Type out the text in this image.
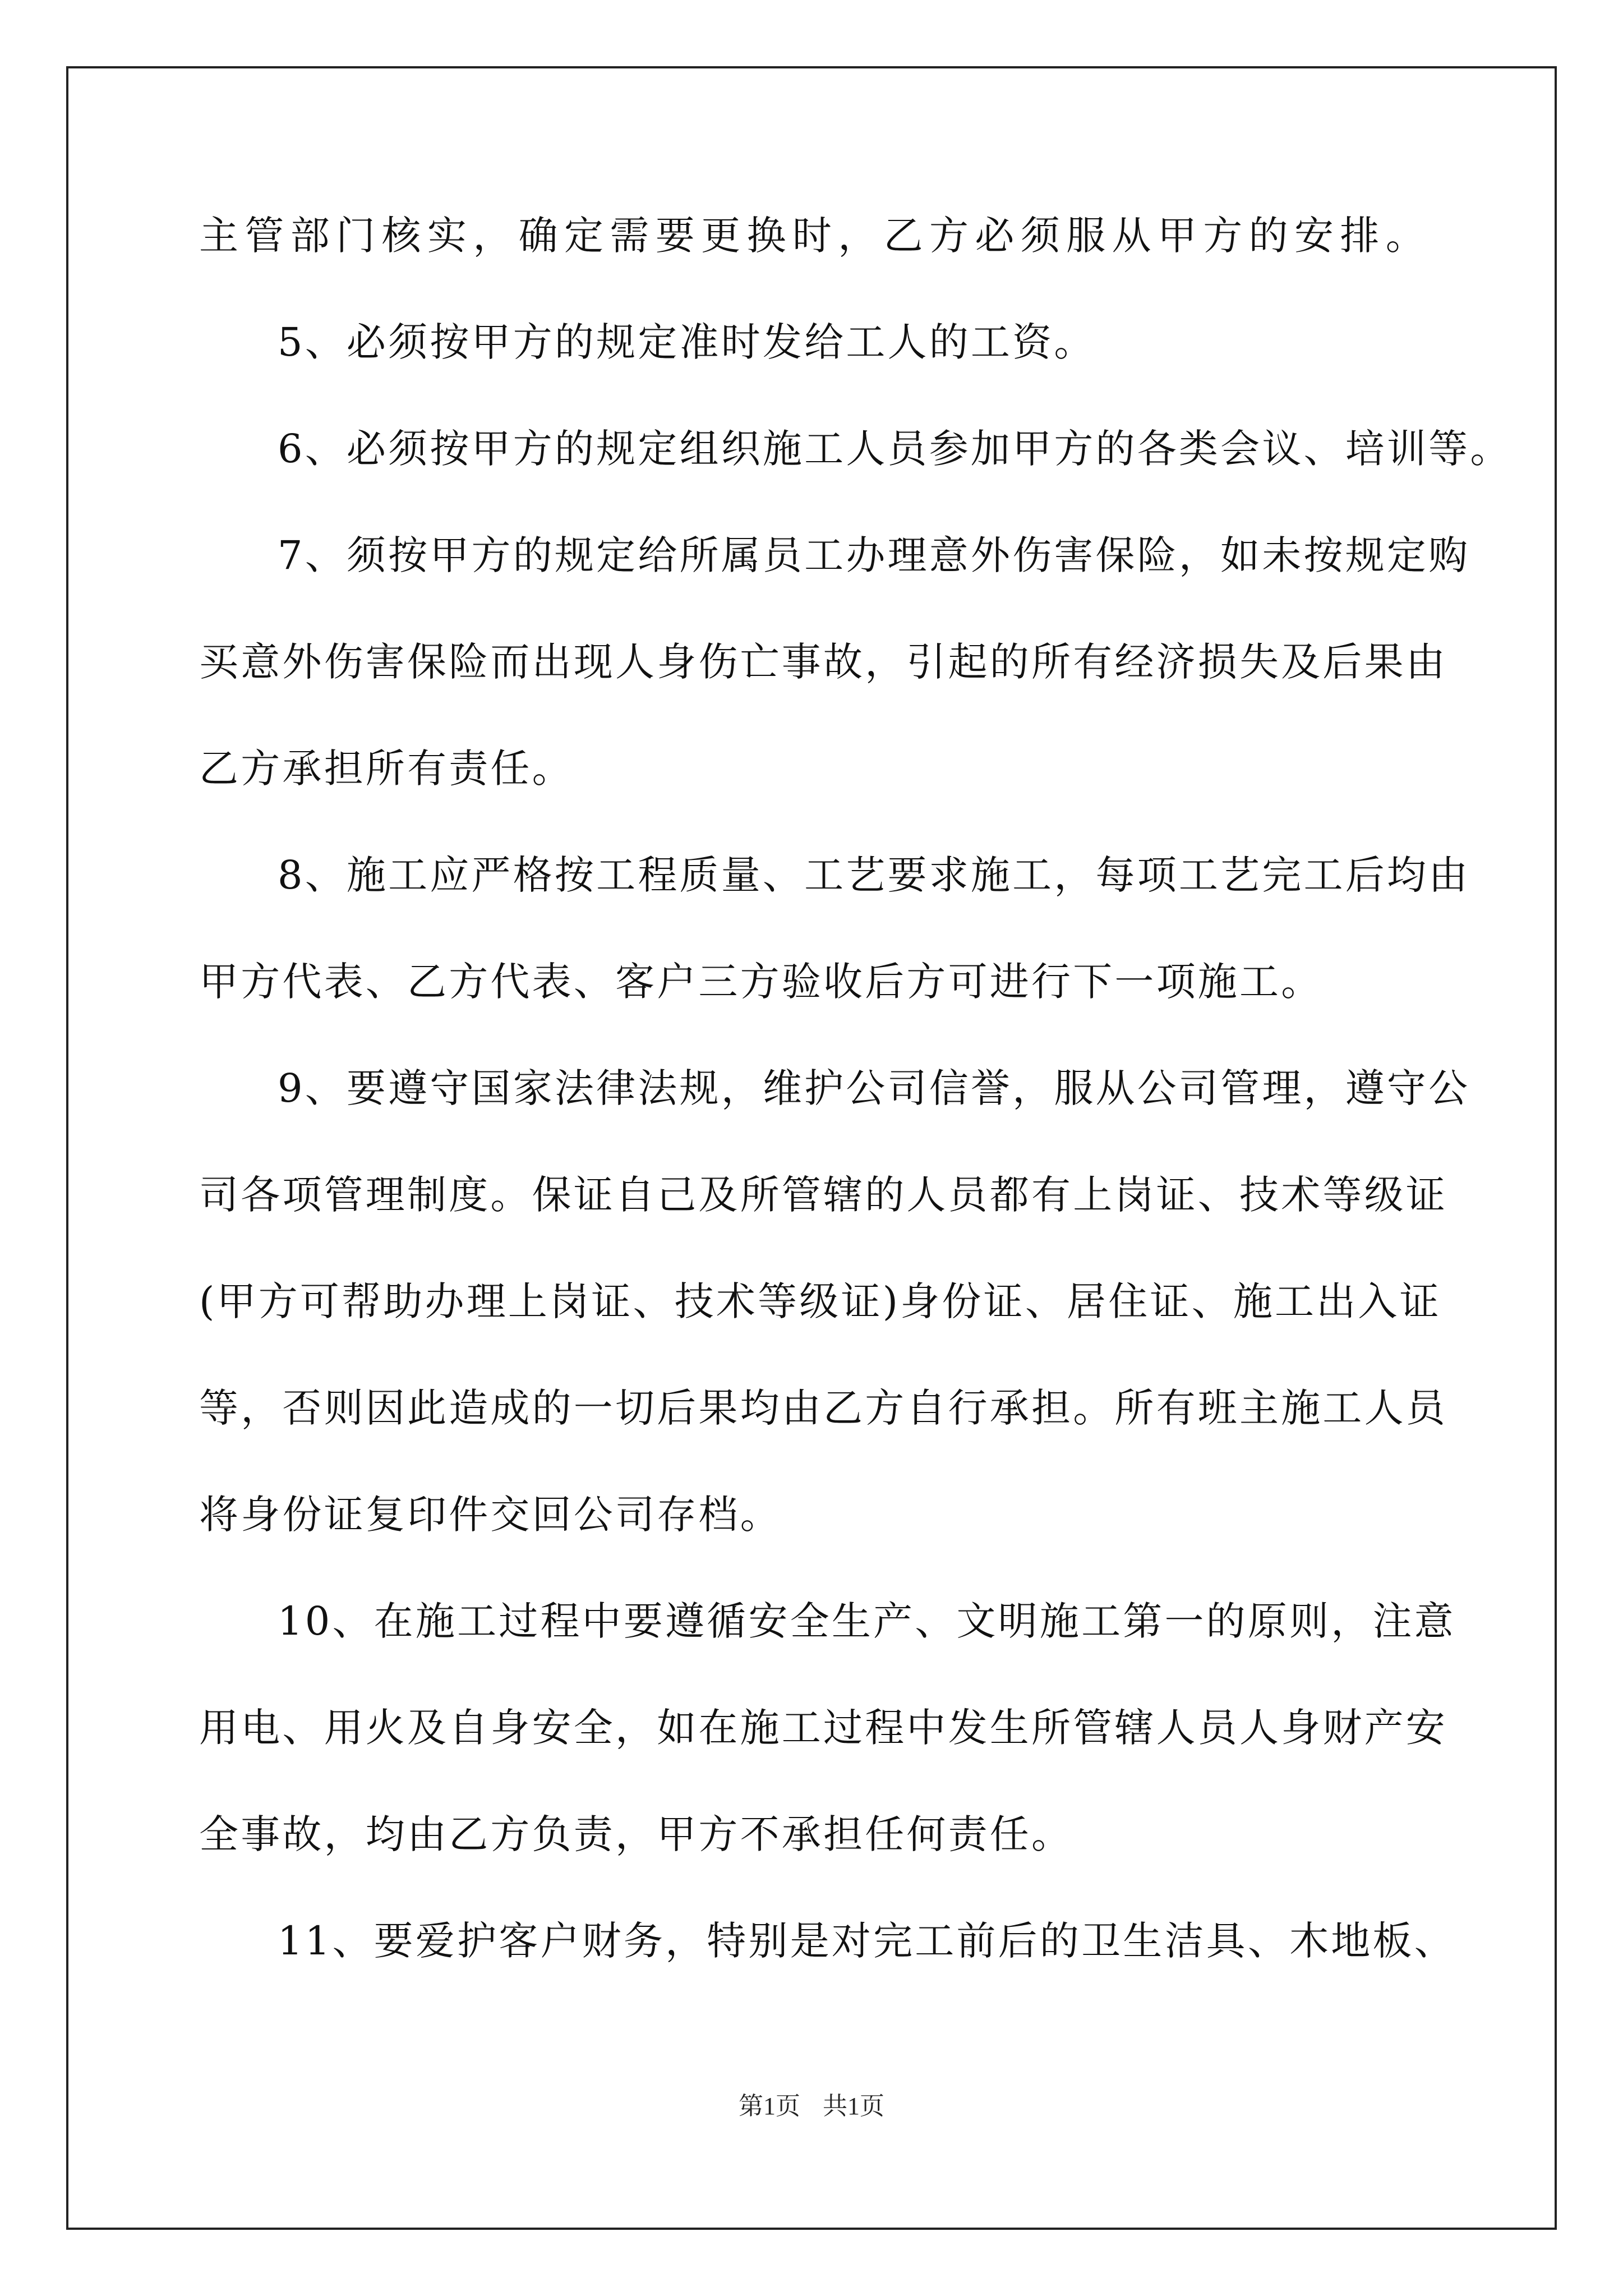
主管部门核实，确定需要更换时，乙方必须服从甲方的安排。
5、必须按甲方的规定准时发给工人的工资。
6、必须按甲方的规定组织施工人员参加甲方的各类会议、培训等。
7、须按甲方的规定给所属员工办理意外伤害保险，如未按规定购
买意外伤害保险而出现人身伤亡事故，引起的所有经济损失及后果由
乙方承担所有责任。
8、施工应严格按工程质量、工艺要求施工，每项工艺完工后均由
甲方代表、乙方代表、客户三方验收后方可进行下一项施工。
9、要遵守国家法律法规，维护公司信誉，服从公司管理，遵守公
司各项管理制度。保证自己及所管辖的人员都有上岗证、技术等级证
(甲方可帮助办理上岗证、技术等级证)身份证、居住证、施工出入证
等，否则因此造成的一切后果均由乙方自行承担。所有班主施工人员
将身份证复印件交回公司存档。
10、在施工过程中要遵循安全生产、文明施工第一的原则，注意
用电、用火及自身安全，如在施工过程中发生所管辖人员人身财产安
全事故，均由乙方负责，甲方不承担任何责任。
11、要爱护客户财务，特别是对完工前后的卫生洁具、木地板、
第1页 共1页
